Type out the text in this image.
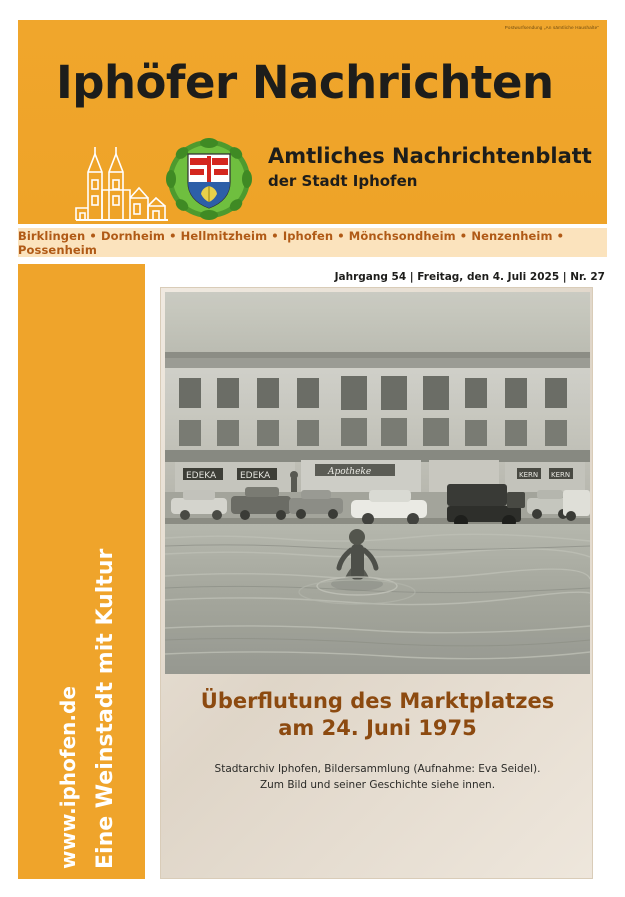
Postwurfsendung „An sämtliche Haushalte“
Iphöfer Nachrichten
Amtliches Nachrichtenblatt
der Stadt Iphofen
Birklingen • Dornheim • Hellmitzheim • Iphofen • Mönchsondheim • Nenzenheim • Possenheim
Eine Weinstadt mit Kultur
www.iphofen.de
Jahrgang 54 | Freitag, den 4. Juli 2025 | Nr. 27
EDEKA	EDEKA	Apotheke	KERN KERN
Überflutung des Marktplatzes
am 24. Juni 1975
Stadtarchiv Iphofen, Bildersammlung (Aufnahme: Eva Seidel).
Zum Bild und seiner Geschichte siehe innen.
